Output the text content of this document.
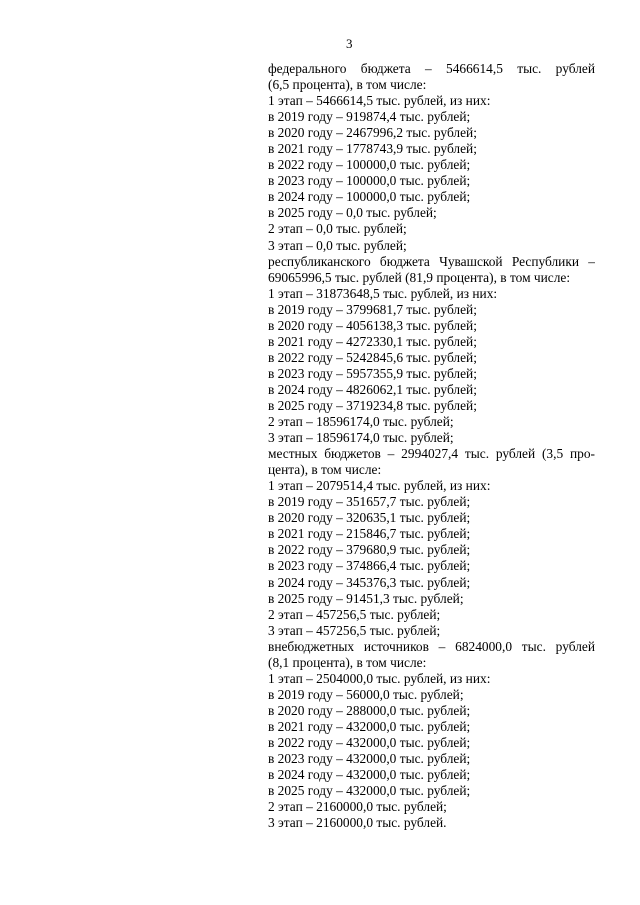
3
федерального бюджета – 5466614,5 тыс. рублей
(6,5 процента), в том числе:
1 этап – 5466614,5 тыс. рублей, из них:
в 2019 году – 919874,4 тыс. рублей;
в 2020 году – 2467996,2 тыс. рублей;
в 2021 году – 1778743,9 тыс. рублей;
в 2022 году – 100000,0 тыс. рублей;
в 2023 году – 100000,0 тыс. рублей;
в 2024 году – 100000,0 тыс. рублей;
в 2025 году – 0,0 тыс. рублей;
2 этап – 0,0 тыс. рублей;
3 этап – 0,0 тыс. рублей;
республиканского бюджета Чувашской Республики –
69065996,5 тыс. рублей (81,9 процента), в том числе:
1 этап – 31873648,5 тыс. рублей, из них:
в 2019 году – 3799681,7 тыс. рублей;
в 2020 году – 4056138,3 тыс. рублей;
в 2021 году – 4272330,1 тыс. рублей;
в 2022 году – 5242845,6 тыс. рублей;
в 2023 году – 5957355,9 тыс. рублей;
в 2024 году – 4826062,1 тыс. рублей;
в 2025 году – 3719234,8 тыс. рублей;
2 этап – 18596174,0 тыс. рублей;
3 этап – 18596174,0 тыс. рублей;
местных бюджетов – 2994027,4 тыс. рублей (3,5 про-
цента), в том числе:
1 этап – 2079514,4 тыс. рублей, из них:
в 2019 году – 351657,7 тыс. рублей;
в 2020 году – 320635,1 тыс. рублей;
в 2021 году – 215846,7 тыс. рублей;
в 2022 году – 379680,9 тыс. рублей;
в 2023 году – 374866,4 тыс. рублей;
в 2024 году – 345376,3 тыс. рублей;
в 2025 году – 91451,3 тыс. рублей;
2 этап – 457256,5 тыс. рублей;
3 этап – 457256,5 тыс. рублей;
внебюджетных источников – 6824000,0 тыс. рублей
(8,1 процента), в том числе:
1 этап – 2504000,0 тыс. рублей, из них:
в 2019 году – 56000,0 тыс. рублей;
в 2020 году – 288000,0 тыс. рублей;
в 2021 году – 432000,0 тыс. рублей;
в 2022 году – 432000,0 тыс. рублей;
в 2023 году – 432000,0 тыс. рублей;
в 2024 году – 432000,0 тыс. рублей;
в 2025 году – 432000,0 тыс. рублей;
2 этап – 2160000,0 тыс. рублей;
3 этап – 2160000,0 тыс. рублей.
